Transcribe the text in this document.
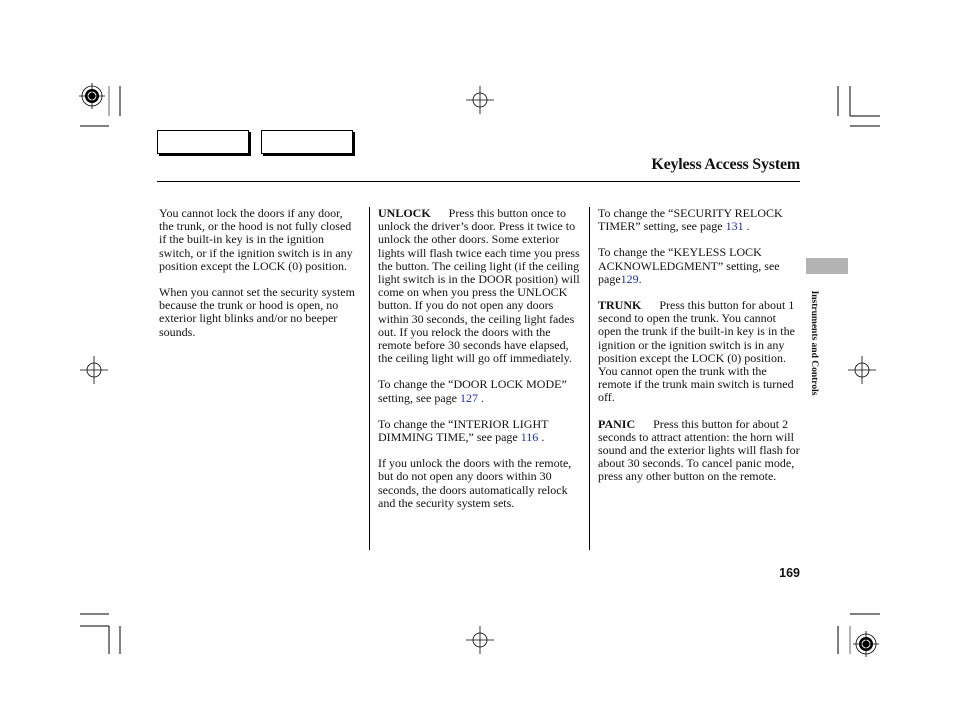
Keyless Access System

You cannot lock the doors if any door, the trunk, or the hood is not fully closed if the built-in key is in the ignition switch, or if the ignition switch is in any position except the LOCK (0) position.

When you cannot set the security system because the trunk or hood is open, no exterior light blinks and/or no beeper sounds.

UNLOCK Press this button once to unlock the driver’s door. Press it twice to unlock the other doors. Some exterior lights will flash twice each time you press the button. The ceiling light (if the ceiling light switch is in the DOOR position) will come on when you press the UNLOCK button. If you do not open any doors within 30 seconds, the ceiling light fades out. If you relock the doors with the remote before 30 seconds have elapsed, the ceiling light will go off immediately.

To change the “DOOR LOCK MODE” setting, see page 127 .

To change the “INTERIOR LIGHT DIMMING TIME,” see page 116 .

If you unlock the doors with the remote, but do not open any doors within 30 seconds, the doors automatically relock and the security system sets.

To change the “SECURITY RELOCK TIMER” setting, see page 131 .

To change the “KEYLESS LOCK ACKNOWLEDGMENT” setting, see page129.

TRUNK Press this button for about 1 second to open the trunk. You cannot open the trunk if the built-in key is in the ignition or the ignition switch is in any position except the LOCK (0) position. You cannot open the trunk with the remote if the trunk main switch is turned off.

PANIC Press this button for about 2 seconds to attract attention: the horn will sound and the exterior lights will flash for about 30 seconds. To cancel panic mode, press any other button on the remote.

Instruments and Controls
169
